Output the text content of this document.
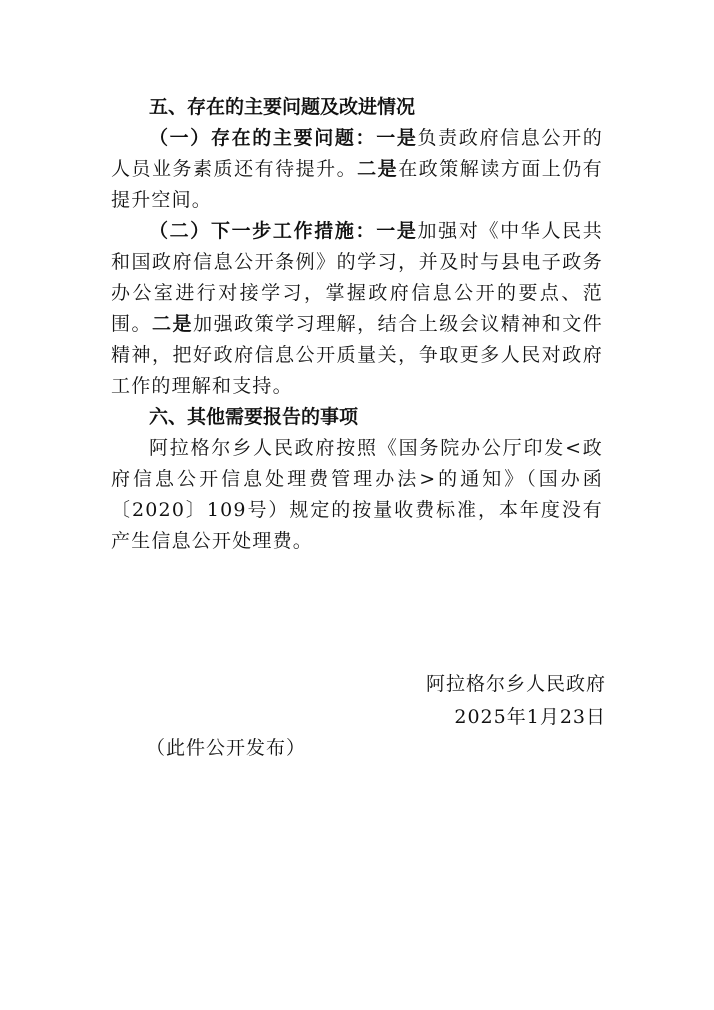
五、存在的主要问题及改进情况

（一）存在的主要问题：一是负责政府信息公开的人员业务素质还有待提升。二是在政策解读方面上仍有提升空间。

（二）下一步工作措施：一是加强对《中华人民共和国政府信息公开条例》的学习，并及时与县电子政务办公室进行对接学习，掌握政府信息公开的要点、范围。二是加强政策学习理解，结合上级会议精神和文件精神，把好政府信息公开质量关，争取更多人民对政府工作的理解和支持。

六、其他需要报告的事项

阿拉格尔乡人民政府按照《国务院办公厅印发<政府信息公开信息处理费管理办法>的通知》（国办函〔2020〕109号）规定的按量收费标准，本年度没有产生信息公开处理费。

阿拉格尔乡人民政府
2025年1月23日
（此件公开发布）
